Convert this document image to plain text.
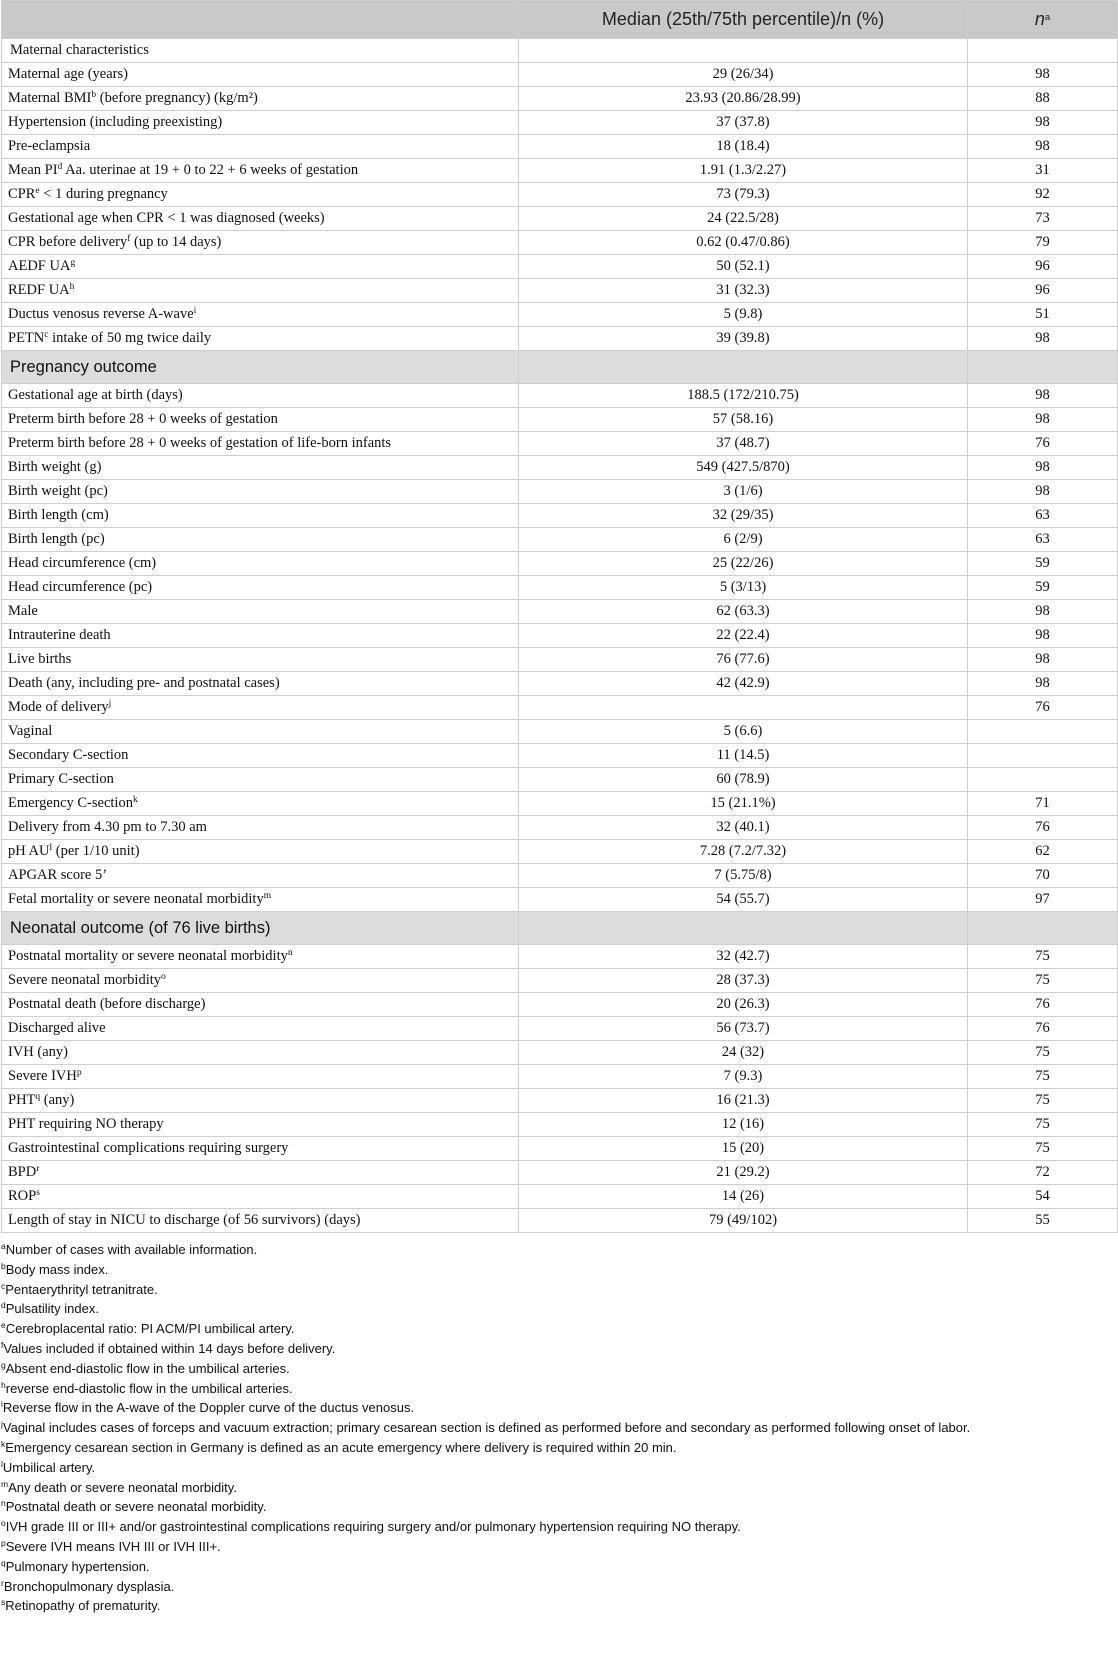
	Median (25th/75th percentile)/n (%)	$n^a$
Maternal characteristics		
Maternal age (years)	29 (26/34)	98
Maternal BMI$^b$ (before pregnancy) (kg/m²)	23.93 (20.86/28.99)	88
Hypertension (including preexisting)	37 (37.8)	98
Pre-eclampsia	18 (18.4)	98
Mean $PI^d$ Aa. uterinae at 19 + 0 to 22 + 6 weeks of gestation	1.91 (1.3/2.27)	31
$CPR^e < 1$ during pregnancy	73 (79.3)	92
Gestational age when CPR < 1 was diagnosed (weeks)	24 (22.5/28)	73
CPR before delivery$^f$ (up to 14 days)	0.62 (0.47/0.86)	79
AEDF $UA^g$	50 (52.1)	96
REDF $UA^h$	31 (32.3)	96
Ductus venosus reverse A-wave$^i$	5 (9.8)	51
PETN$^c$ intake of 50 mg twice daily	39 (39.8)	98
Pregnancy outcome		
Gestational age at birth (days)	188.5 (172/210.75)	98
Preterm birth before 28 + 0 weeks of gestation	57 (58.16)	98
Preterm birth before 28 + 0 weeks of gestation of life-born infants	37 (48.7)	76
Birth weight (g)	549 (427.5/870)	98
Birth weight (pc)	3 (1/6)	98
Birth length (cm)	32 (29/35)	63
Birth length (pc)	6 (2/9)	63
Head circumference (cm)	25 (22/26)	59
Head circumference (pc)	5 (3/13)	59
Male	62 (63.3)	98
Intrauterine death	22 (22.4)	98
Live births	76 (77.6)	98
Death (any, including pre- and postnatal cases)	42 (42.9)	98
Mode of delivery$^j$		76
Vaginal	5 (6.6)	
Secondary C-section	11 (14.5)	
Primary C-section	60 (78.9)	
Emergency C-section$^k$	15 (21.1%)	71
Delivery from 4.30 pm to 7.30 am	32 (40.1)	76
pH $AU^l$ (per 1/10 unit)	7.28 (7.2/7.32)	62
APGAR score 5’	7 (5.75/8)	70
Fetal mortality or severe neonatal morbidity$^m$	54 (55.7)	97
Neonatal outcome (of 76 live births)		
Postnatal mortality or severe neonatal morbidity$^n$	32 (42.7)	75
Severe neonatal morbidity$^o$	28 (37.3)	75
Postnatal death (before discharge)	20 (26.3)	76
Discharged alive	56 (73.7)	76
IVH (any)	24 (32)	75
Severe IVH$^p$	7 (9.3)	75
PHT$^q$ (any)	16 (21.3)	75
PHT requiring NO therapy	12 (16)	75
Gastrointestinal complications requiring surgery	15 (20)	75
BPD$^r$	21 (29.2)	72
ROP$^s$	14 (26)	54
Length of stay in NICU to discharge (of 56 survivors) (days)	79 (49/102)	55
$^a$Number of cases with available information.
$^b$Body mass index.
$^c$Pentaerythrityl tetranitrate.
$^d$Pulsatility index.
$^e$Cerebroplacental ratio: PI ACM/PI umbilical artery.
$^f$Values included if obtained within 14 days before delivery.
$^g$Absent end-diastolic flow in the umbilical arteries.
$^h$reverse end-diastolic flow in the umbilical arteries.
$^i$Reverse flow in the A-wave of the Doppler curve of the ductus venosus.
$^j$Vaginal includes cases of forceps and vacuum extraction; primary cesarean section is defined as performed before and secondary as performed following onset of labor.
$^k$Emergency cesarean section in Germany is defined as an acute emergency where delivery is required within 20 min.
$^l$Umbilical artery.
$^m$Any death or severe neonatal morbidity.
$^n$Postnatal death or severe neonatal morbidity.
$^o$IVH grade III or III+ and/or gastrointestinal complications requiring surgery and/or pulmonary hypertension requiring NO therapy.
$^p$Severe IVH means IVH III or IVH III+.
$^q$Pulmonary hypertension.
$^r$Bronchopulmonary dysplasia.
$^s$Retinopathy of prematurity.
